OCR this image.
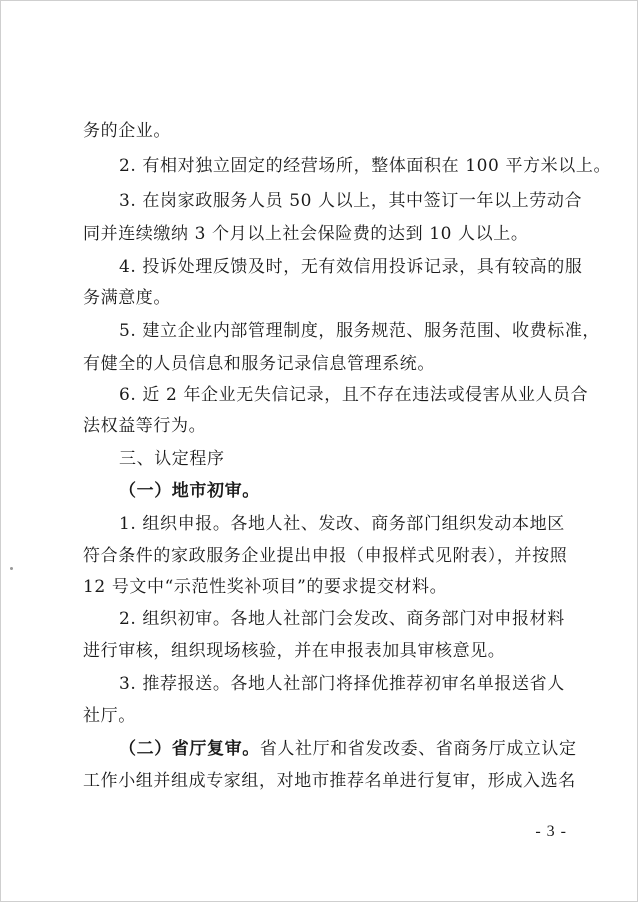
务的企业。
2. 有相对独立固定的经营场所，整体面积在 100 平方米以上。
3. 在岗家政服务人员 50 人以上，其中签订一年以上劳动合
同并连续缴纳 3 个月以上社会保险费的达到 10 人以上。
4. 投诉处理反馈及时，无有效信用投诉记录，具有较高的服
务满意度。
5. 建立企业内部管理制度，服务规范、服务范围、收费标准，
有健全的人员信息和服务记录信息管理系统。
6. 近 2 年企业无失信记录，且不存在违法或侵害从业人员合
法权益等行为。
三、认定程序
（一）地市初审。
1. 组织申报。各地人社、发改、商务部门组织发动本地区
符合条件的家政服务企业提出申报（申报样式见附表），并按照
12 号文中“示范性奖补项目”的要求提交材料。
2. 组织初审。各地人社部门会发改、商务部门对申报材料
进行审核，组织现场核验，并在申报表加具审核意见。
3. 推荐报送。各地人社部门将择优推荐初审名单报送省人
社厅。
（二）省厅复审。省人社厅和省发改委、省商务厅成立认定
工作小组并组成专家组，对地市推荐名单进行复审，形成入选名
- 3 -
